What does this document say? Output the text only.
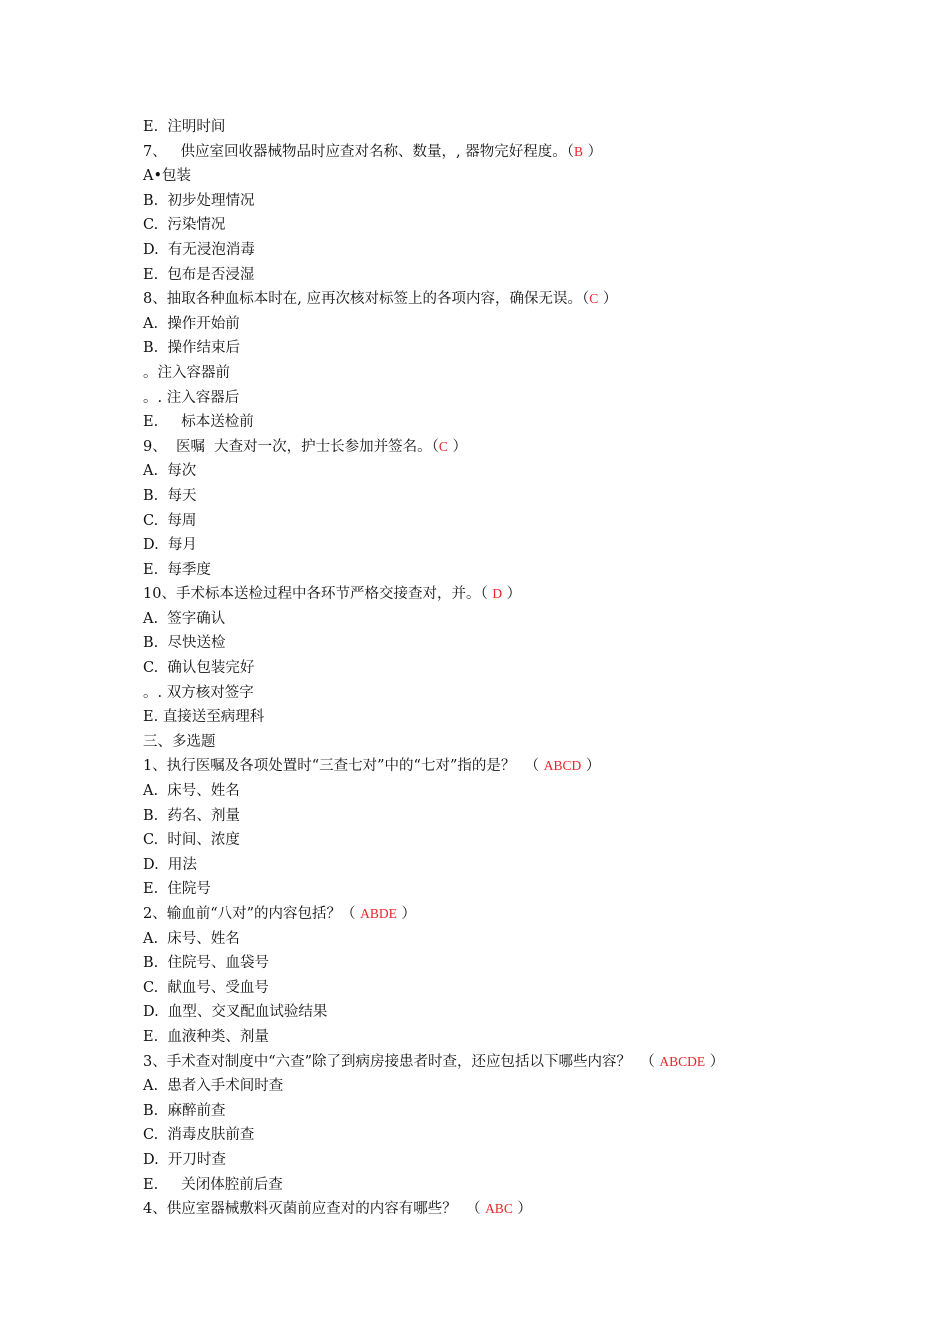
E.  注明时间
7、   供应室回收器械物品时应查对名称、数量，, 器物完好程度。（B ）
A•包装
B.  初步处理情况
C.  污染情况
D.  有无浸泡消毒
E.  包布是否浸湿
8、抽取各种血标本时在, 应再次核对标签上的各项内容，确保无误。（C ）
A.  操作开始前
B.  操作结束后
。注入容器前
。. 注入容器后
E.     标本送检前
9、  医嘱  大查对一次，护士长参加并签名。（C ）
A.  每次
B.  每天
C.  每周
D.  每月
E.  每季度
10、手术标本送检过程中各环节严格交接查对，并。（ D ）
A.  签字确认
B.  尽快送检
C.  确认包装完好
。. 双方核对签字
E. 直接送至病理科
三、多选题
1、执行医嘱及各项处置时“三查七对”中的“七对”指的是？  （ ABCD ）
A.  床号、姓名
B.  药名、剂量
C.  时间、浓度
D.  用法
E.  住院号
2、输血前“八对”的内容包括？（ ABDE ）
A.  床号、姓名
B.  住院号、血袋号
C.  献血号、受血号
D.  血型、交叉配血试验结果
E.  血液种类、剂量
3、手术查对制度中“六查”除了到病房接患者时查，还应包括以下哪些内容？  （ ABCDE ）
A.  患者入手术间时查
B.  麻醉前查
C.  消毒皮肤前查
D.  开刀时查
E.     关闭体腔前后查
4、供应室器械敷料灭菌前应查对的内容有哪些？  （ ABC ）
